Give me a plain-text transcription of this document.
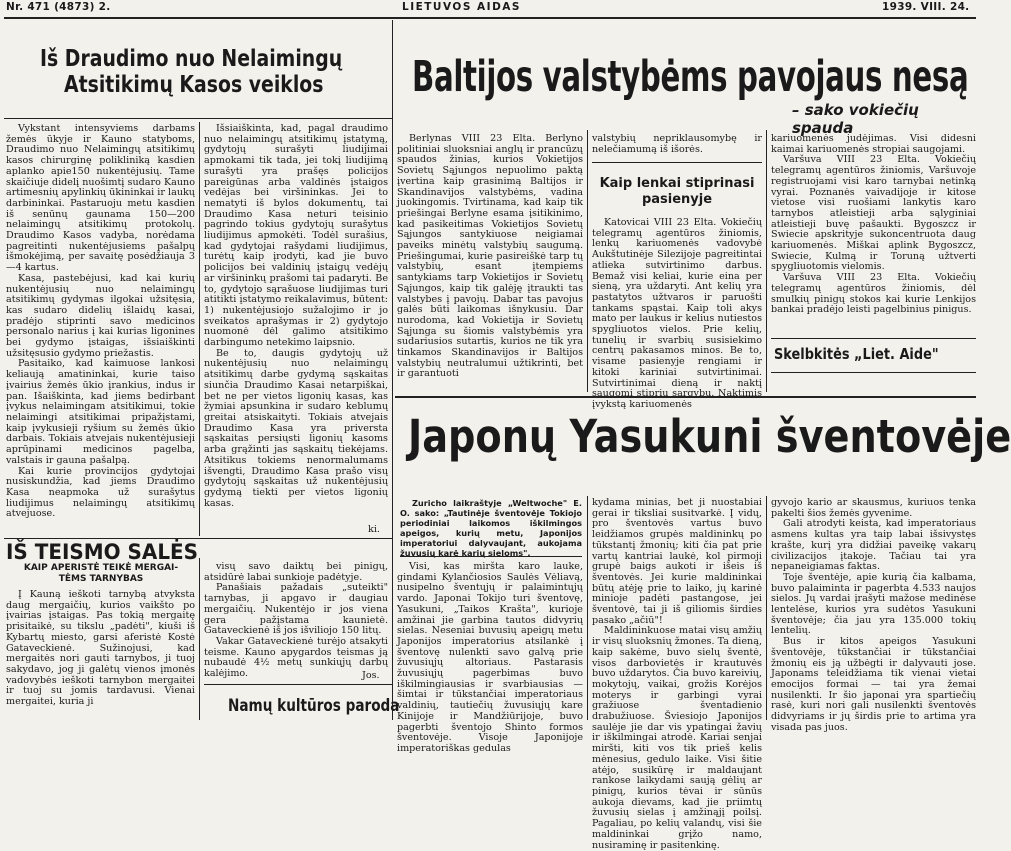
Nr. 471 (4873) 2.	LIETUVOS AIDAS	1939. VIII. 24.
Iš Draudimo nuo Nelaimingų
Atsitikimų Kasos veiklos

Vykstant intensyviems darbams žemės ūkyje ir Kauno statyboms, Draudimo nuo Nelaimingų atsitikimų kasos chirurginę polikliniką kasdien aplanko apie150 nukentėjusių. Tame skaičiuje didelį nuošimtį sudaro Kauno artimesnių apylinkių ūkininkai ir laukų darbininkai. Pastaruoju metu kasdien iš senūnų gaunama 150—200 nelaimingų atsitikimų protokolų. Draudimo Kasos vadyba, norėdama pagreitinti nukentėjusiems pašalpų išmokėjimą, per savaitę posėdžiauja 3—4 kartus.

Kasa, pastebėjusi, kad kai kurių nukentėjusių nuo nelaimingų atsitikimų gydymas ilgokai užsitęsia, kas sudaro didelių išlaidų kasai, pradėjo stiprinti savo medicinos personalo narius į kai kurias ligonines bei gydymo įstaigas, išsiaiškinti užsitęsusio gydymo priežastis.

Pasitaiko, kad kaimuose lankosi keliaują amatininkai, kurie taiso įvairius žemės ūkio įrankius, indus ir pan. Išaiškinta, kad jiems bedirbant įvykus nelaimingam atsitikimui, tokie nelaimingi atsitikimai pripažįstami, kaip įvykusieji ryšium su žemės ūkio darbais. Tokiais atvejais nukentėjusieji aprūpinami medicinos pagelba, valstais ir gauna pašalpą.

Kai kurie provincijos gydytojai nusiskundžia, kad jiems Draudimo Kasa neapmoka už surašytus liudijimus nelaimingų atsitikimų atvejuose.

Išsiaiškinta, kad, pagal draudimo nuo nelaimingų atsitikimų įstatymą, gydytojų surašyti liudijimai apmokami tik tada, jei tokį liudijimą surašyti yra prašęs policijos pareigūnas arba valdinės įstaigos vedėjas bei viršininkas. Jei to nematyti iš bylos dokumentų, tai Draudimo Kasa neturi teisinio pagrindo tokius gydytojų surašytus liudijimus apmokėti. Todėl surašius, kad gydytojai rašydami liudijimus, turėtų kaip įrodyti, kad jie buvo policijos bei valdinių įstaigų vedėjų ar viršininkų prašomi tai padaryti. Be to, gydytojo sąrašuose liudijimas turi atitikti įstatymo reikalavimus, būtent: 1) nukentėjusiojo sužalojimo ir jo sveikatos aprašymas ir 2) gydytojo nuomonė dėl galimo atsitikimo darbingumo netekimo laipsnio.

Be to, daugis gydytojų už nukentėjusių nuo nelaimingų atsitikimų darbe gydymą sąskaitas siunčia Draudimo Kasai netarpiškai, bet ne per vietos ligonių kasas, kas žymiai apsunkina ir sudaro keblumų greitai atsiskaityti. Tokiais atvejais Draudimo Kasa yra priversta sąskaitas persiųsti ligonių kasoms arba grąžinti jas sąskaitų tiekėjams. Atsitikus tokiems nenormalumams išvengti, Draudimo Kasa prašo visų gydytojų sąskaitas už nukentėjusių gydymą tiekti per vietos ligonių kasas.

ki.
IŠ TEISMO SALĖS
KAIP APERISTĖ TEIKĖ MERGAI-
TĖMS TARNYBAS

Į Kauną ieškoti tarnybą atvyksta daug mergaičių, kurios vaikšto po įvairias įstaigas. Pas tokią mergaitę prisitaikė, su tikslu „padėti", kiuši iš Kybartų miesto, garsi aferistė Kostė Gataveckienė. Sužinojusi, kad mergaitės nori gauti tarnybos, ji tuoj sakydavo, jog ji galėtų vienos įmonės vadovybės ieškoti tarnybon mergaitei ir tuoj su jomis tardavusi. Vienai mergaitei, kuria ji

visų savo daiktų bei pinigų, atsidūrė labai sunkioje padėtyje.

Panašiais pažadais „suteikti" tarnybas, ji apgavo ir daugiau mergaičių. Nukentėjo ir jos viena gera pažįstama kaunietė. Gataveckienė iš jos išviliojo 150 litų.

Vakar Gataveckienė turėjo atsakyti teisme. Kauno apygardos teismas ją nubaudė 4½ metų sunkiųjų darbų kalėjimo.	Jos.
Namų kultūros paroda
Baltijos valstybėms pavojaus nesą
– sako vokiečių spauda

Berlynas VIII 23 Elta. Berlyno politiniai sluoksniai anglų ir prancūzų spaudos žinias, kurios Vokietijos Sovietų Sąjungos nepuolimo paktą įvertina kaip grasinimą Baltijos ir Skandinavijos valstybėms, vadina juokingomis. Tvirtinama, kad kaip tik priešingai Berlyne esama įsitikinimo, kad pasikeitimas Vokietijos Sovietų Sąjungos santykiuose neigiamai paveiks minėtų valstybių saugumą. Priešingumai, kurie pasireiškė tarp tų valstybių, esant įtempiems santykiams tarp Vokietijos ir Sovietų Sąjungos, kaip tik galėję įtraukti tas valstybes į pavojų. Dabar tas pavojus galės būti laikomas išnykusiu. Dar nurodoma, kad Vokietija ir Sovietų Sąjunga su šiomis valstybėmis yra sudariusios sutartis, kurios ne tik yra tinkamos Skandinavijos ir Baltijos valstybių neutralumui užtikrinti, bet ir garantuoti

valstybių nepriklausomybę ir nelečiamumą iš išorės.

Kaip lenkai stiprinasi
pasienyje

Katovicai VIII 23 Elta. Vokiečių telegramų agentūros žiniomis, lenkų kariuomenės vadovybė Aukštutinėje Silezijoje pagreitintai atlieka sutvirtinimo darbus. Bemaž visi keliai, kurie eina per sieną, yra uždaryti. Ant kelių yra pastatytos užtvaros ir paruošti tankams spąstai. Kaip toli akys mato per laukus ir kelius nutiestos spygliuotos vielos. Prie kelių, tunelių ir svarbių susisiekimo centrų pakasamos minos. Be to, visame pasienyje rengiami ir kitoki kariniai sutvirtinimai. Sutvirtinimai dieną ir naktį saugomi stiprių sargybų. Naktimis įvykstą kariuomenės

kariuomenės judėjimas. Visi didesni kaimai kariuomenės stropiai saugojami.

Varšuva VIII 23 Elta. Vokiečių telegramų agentūros žiniomis, Varšuvoje registruojami visi karo tarnybai netinką vyrai. Poznanės vaivadijoje ir kitose vietose visi ruošiami lankytis karo tarnybos atleistieji arba sąlyginiai atleistieji buvę pašaukti. Bygoszcz ir Swiecie apskrityje sukoncentruota daug kariuomenės. Miškai aplink Bygoszcz, Swiecie, Kulmą ir Toruną užtverti spygliuotomis vielomis.

Varšuva VIII 23 Elta. Vokiečių telegramų agentūros žiniomis, dėl smulkių pinigų stokos kai kurie Lenkijos bankai pradėjo leisti pagelbinius pinigus.

Skelbkitės „Liet. Aide"
Japonų Yasukuni šventovėje

Zuricho laikraštyje „Weltwoche" E. O. sako: „Tautinėje šventovėje Tokiojo periodiniai laikomos iškilmingos apeigos, kurių metu, Japonijos imperatoriui dalyvaujant, aukojama žuvusių karė karių sieloms".

Visi, kas miršta karo lauke, gindami Kylančiosios Saulės Vėliavą, nusipelno šventųjų ir palaimintųjų vardo. Japonai Tokijo turi šventovę, Yasukuni, „Taikos Krašta", kurioje amžinai jie garbina tautos didvyrių sielas. Neseniai buvusių apeigų metu Japonijos imperatorius atsilankė į šventovę nulenkti savo galvą prie žuvusiųjų altoriaus. Pastarasis žuvusiųjų pagerbimas buvo iškilmingiausias ir svarbiausias — šimtai ir tūkstančiai imperatoriaus valdinių, tautiečių žuvusiųjų kare Kinijoje ir Mandžiūrijoje, buvo pagerbti šventojo Shinto formos šventovėje. Visoje Japonijoje imperatoriškas gedulas

kydama minias, bet ji nuostabiai gerai ir tiksliai susitvarkė. Į vidų, pro šventovės vartus buvo leidžiamos grupės maldininkų po tūkstantį žmonių; kiti čia pat prie vartų kantriai laukė, kol pirmoji grupė baigs aukoti ir išeis iš šventovės. Jei kurie maldininkai būtų atėję prie to laiko, jų karinė minioje padėti pastangose, jei šventovė, tai ji iš giliomis širdies pasako „ačiū"!

Maldininkuose matai visų amžių ir visų sluoksnių žmones. Ta dieną, kaip sakėme, buvo sielų šventė, visos darbovietės ir krautuvės buvo uždarytos. Čia buvo kareivių, mokytojų, vaikai, grožis Korėjos moterys ir garbingi vyrai gražiuose šventadienio drabužiuose. Šviesiojo Japonijos saulėje jie dar vis ypatingai žavių ir iškilmingai atrodė. Kariai senjai miršti, kiti vos tik prieš kelis mėnesius, gedulo laike. Visi šitie atėjo, susikūrę ir maldaujant rankose laikydami saują gėlių ar pinigų, kurios tėvai ir sūnūs aukoja dievams, kad jie priimtų žuvusių sielas į amžinąjį poilsį. Pagaliau, po kelių valandų, visi šie maldininkai grįžo namo, nusiraminę ir pasitenkinę.

gyvojo kario ar skausmus, kuriuos tenka pakelti šios žemės gyvenime.

Gali atrodyti keista, kad imperatoriaus asmens kultas yra taip labai išsivystęs krašte, kurį yra didžiai paveikę vakarų civilizacijos įtakoje. Tačiau tai yra nepaneigiamas faktas.

Toje šventėje, apie kurią čia kalbama, buvo palaiminta ir pagerbta 4.533 naujos sielos. Jų vardai įrašyti mažose medinėse lentelėse, kurios yra sudėtos Yasukuni šventovėje; čia jau yra 135.000 tokių lentelių.

Bus ir kitos apeigos Yasukuni šventovėje, tūkstančiai ir tūkstančiai žmonių eis ją užbėgti ir dalyvauti jose. Japonams teleidžiama tik vienai vietai emocijos formai — tai yra žemai nusilenkti. Ir šio japonai yra spartiečių rasė, kuri nori gali nusilenkti šventovės didvyriams ir jų širdis prie to artima yra visada pas juos.
